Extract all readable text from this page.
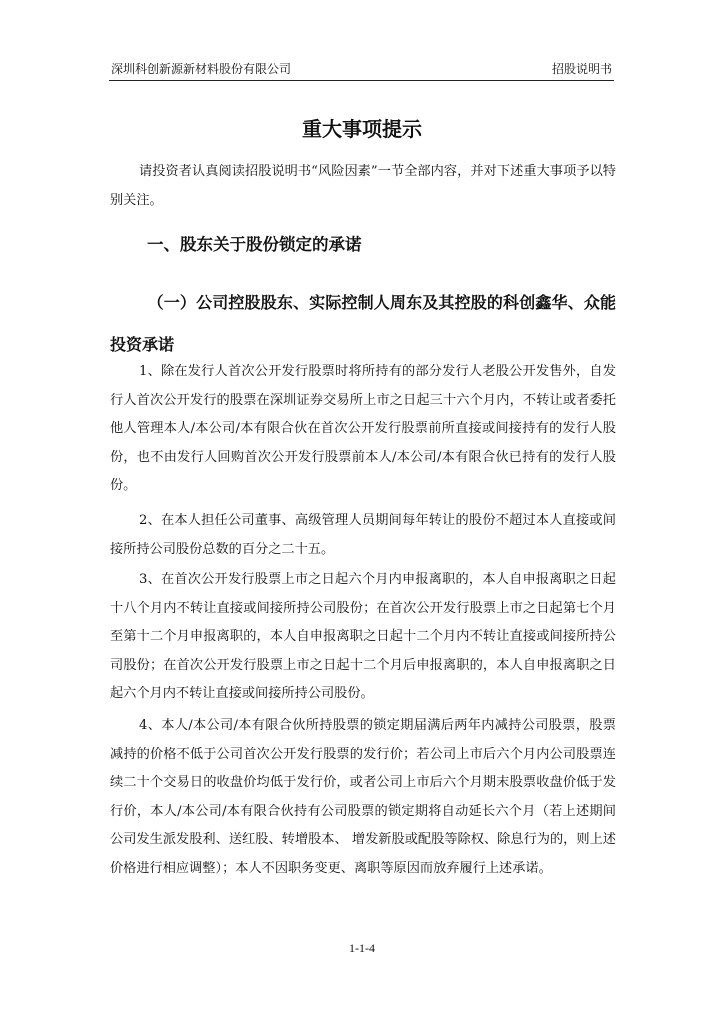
深圳科创新源新材料股份有限公司	招股说明书
重大事项提示

请投资者认真阅读招股说明书“风险因素”一节全部内容，并对下述重大事项予以特别关注。

一、股东关于股份锁定的承诺
（一）公司控股股东、实际控制人周东及其控股的科创鑫华、众能投资承诺

1、除在发行人首次公开发行股票时将所持有的部分发行人老股公开发售外，自发行人首次公开发行的股票在深圳证券交易所上市之日起三十六个月内，不转让或者委托他人管理本人/本公司/本有限合伙在首次公开发行股票前所直接或间接持有的发行人股份，也不由发行人回购首次公开发行股票前本人/本公司/本有限合伙已持有的发行人股份。

2、在本人担任公司董事、高级管理人员期间每年转让的股份不超过本人直接或间接所持公司股份总数的百分之二十五。

3、在首次公开发行股票上市之日起六个月内申报离职的，本人自申报离职之日起十八个月内不转让直接或间接所持公司股份；在首次公开发行股票上市之日起第七个月至第十二个月申报离职的，本人自申报离职之日起十二个月内不转让直接或间接所持公司股份；在首次公开发行股票上市之日起十二个月后申报离职的，本人自申报离职之日起六个月内不转让直接或间接所持公司股份。

4、本人/本公司/本有限合伙所持股票的锁定期届满后两年内减持公司股票，股票减持的价格不低于公司首次公开发行股票的发行价；若公司上市后六个月内公司股票连续二十个交易日的收盘价均低于发行价，或者公司上市后六个月期末股票收盘价低于发行价，本人/本公司/本有限合伙持有公司股票的锁定期将自动延长六个月（若上述期间公司发生派发股利、送红股、转增股本、 增发新股或配股等除权、除息行为的，则上述价格进行相应调整）；本人不因职务变更、离职等原因而放弃履行上述承诺。

1-1-4
